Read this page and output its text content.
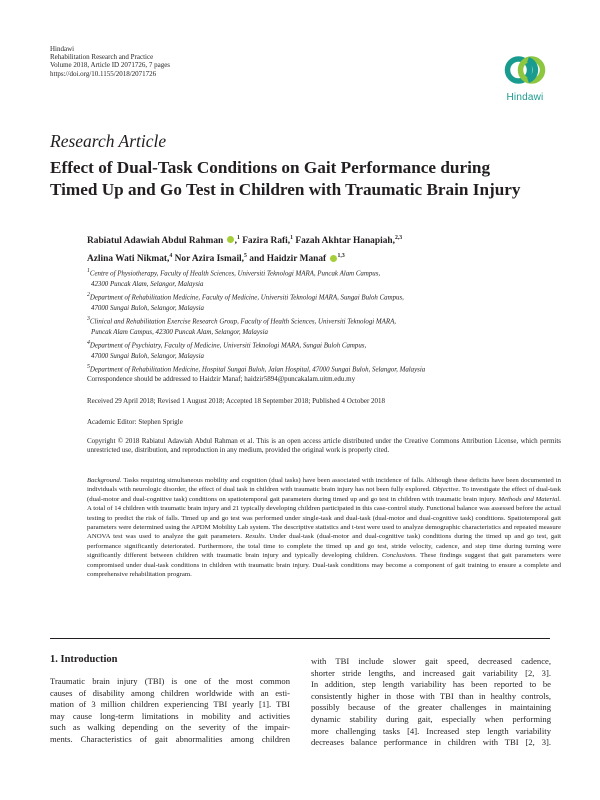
Hindawi
Rehabilitation Research and Practice
Volume 2018, Article ID 2071726, 7 pages
https://doi.org/10.1155/2018/2071726
Hindawi
Research Article
Effect of Dual-Task Conditions on Gait Performance during
Timed Up and Go Test in Children with Traumatic Brain Injury
Rabiatul Adawiah Abdul Rahman ,$^1$ Fazira Rafi,$^1$ Fazah Akhtar Hanapiah,$^{2,3}$
Azlina Wati Nikmat,$^4$ Nor Azira Ismail,$^5$ and Haidzir Manaf $^{1,3}$
$^1$Centre of Physiotherapy, Faculty of Health Sciences, Universiti Teknologi MARA, Puncak Alam Campus,
42300 Puncak Alam, Selangor, Malaysia
$^2$Department of Rehabilitation Medicine, Faculty of Medicine, Universiti Teknologi MARA, Sungai Buloh Campus,
47000 Sungai Buloh, Selangor, Malaysia
$^3$Clinical and Rehabilitation Exercise Research Group, Faculty of Health Sciences, Universiti Teknologi MARA,
Puncak Alam Campus, 42300 Puncak Alam, Selangor, Malaysia
$^4$Department of Psychiatry, Faculty of Medicine, Universiti Teknologi MARA, Sungai Buloh Campus,
47000 Sungai Buloh, Selangor, Malaysia
$^5$Department of Rehabilitation Medicine, Hospital Sungai Buloh, Jalan Hospital, 47000 Sungai Buloh, Selangor, Malaysia
Correspondence should be addressed to Haidzir Manaf; haidzir5894@puncakalam.uitm.edu.my
Received 29 April 2018; Revised 1 August 2018; Accepted 18 September 2018; Published 4 October 2018
Academic Editor: Stephen Sprigle
Copyright © 2018 Rabiatul Adawiah Abdul Rahman et al. This is an open access article distributed under the Creative Commons Attribution License, which permits unrestricted use, distribution, and reproduction in any medium, provided the original work is properly cited.
Background. Tasks requiring simultaneous mobility and cognition (dual tasks) have been associated with incidence of falls. Although these deficits have been documented in individuals with neurologic disorder, the effect of dual task in children with traumatic brain injury has not been fully explored. Objective. To investigate the effect of dual-task (dual-motor and dual-cognitive task) conditions on spatiotemporal gait parameters during timed up and go test in children with traumatic brain injury. Methods and Material. A total of 14 children with traumatic brain injury and 21 typically developing children participated in this case-control study. Functional balance was assessed before the actual testing to predict the risk of falls. Timed up and go test was performed under single-task and dual-task (dual-motor and dual-cognitive task) conditions. Spatiotemporal gait parameters were determined using the APDM Mobility Lab system. The descriptive statistics and t-test were used to analyze demographic characteristics and repeated measure ANOVA test was used to analyze the gait parameters. Results. Under dual-task (dual-motor and dual-cognitive task) conditions during the timed up and go test, gait performance significantly deteriorated. Furthermore, the total time to complete the timed up and go test, stride velocity, cadence, and step time during turning were significantly different between children with traumatic brain injury and typically developing children. Conclusions. These findings suggest that gait parameters were compromised under dual-task conditions in children with traumatic brain injury. Dual-task conditions may become a component of gait training to ensure a complete and comprehensive rehabilitation program.
1. Introduction
Traumatic brain injury (TBI) is one of the most common
causes of disability among children worldwide with an esti-
mation of 3 million children experiencing TBI yearly [1]. TBI
may cause long-term limitations in mobility and activities
such as walking depending on the severity of the impair-
ments. Characteristics of gait abnormalities among children
with TBI include slower gait speed, decreased cadence,
shorter stride lengths, and increased gait variability [2, 3].
In addition, step length variability has been reported to be
consistently higher in those with TBI than in healthy controls,
possibly because of the greater challenges in maintaining
dynamic stability during gait, especially when performing
more challenging tasks [4]. Increased step length variability
decreases balance performance in children with TBI [2, 3].
